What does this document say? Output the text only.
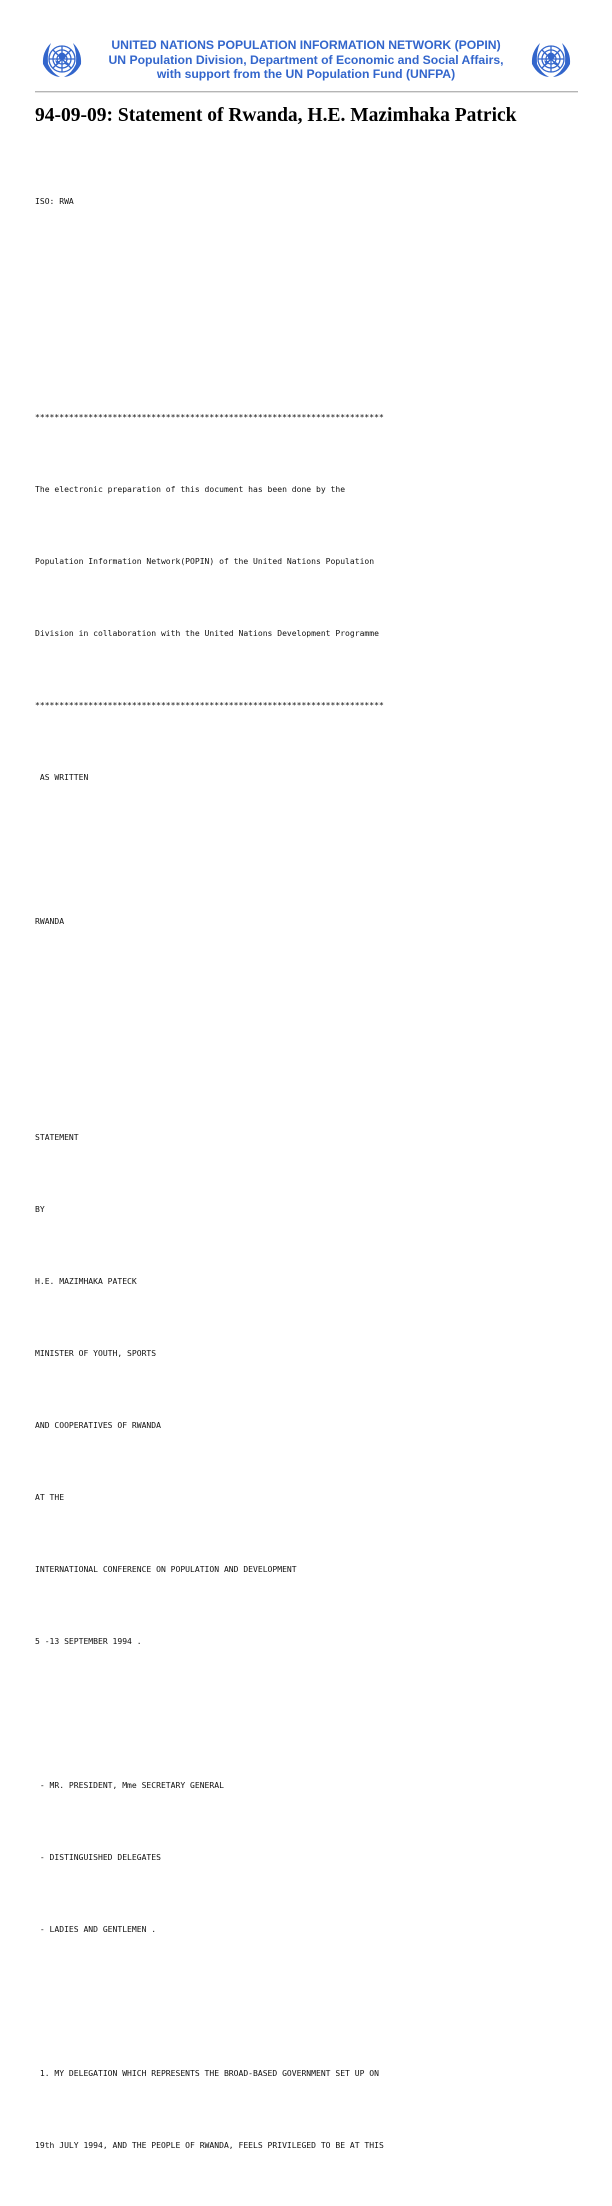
UNITED NATIONS POPULATION INFORMATION NETWORK (POPIN)
UN Population Division, Department of Economic and Social Affairs,
with support from the UN Population Fund (UNFPA)
94-09-09: Statement of Rwanda, H.E. Mazimhaka Patrick

ISO: RWA

************************************************************************

The electronic preparation of this document has been done by the

Population Information Network(POPIN) of the United Nations Population

Division in collaboration with the United Nations Development Programme

************************************************************************

AS WRITTEN

RWANDA

STATEMENT

BY

H.E. MAZIMHAKA PATECK

MINISTER OF YOUTH, SPORTS

AND COOPERATIVES OF RWANDA

AT THE

INTERNATIONAL CONFERENCE ON POPULATION AND DEVELOPMENT

5 -13 SEPTEMBER 1994 .

- MR. PRESIDENT, Mme SECRETARY GENERAL

- DISTINGUISHED DELEGATES

- LADIES AND GENTLEMEN .

1. MY DELEGATION WHICH REPRESENTS THE BROAD-BASED GOVERNMENT SET UP ON

19th JULY 1994, AND THE PEOPLE OF RWANDA, FEELS PRIVILEGED TO BE AT THIS
